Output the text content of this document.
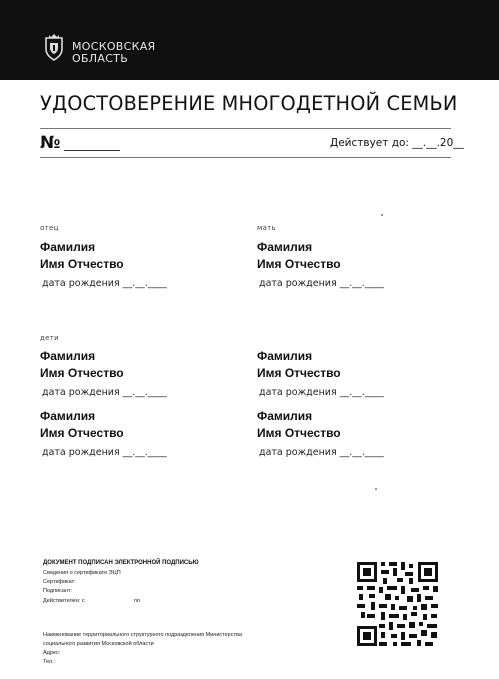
МОСКОВСКАЯ
ОБЛАСТЬ
УДОСТОВЕРЕНИЕ МНОГОДЕТНОЙ СЕМЬИ
№	Действует до: __.__.20__
отец
Фамилия
Имя Отчество
дата рождения __.__.____
мать
Фамилия
Имя Отчество
дата рождения __.__.____
дети
Фамилия
Имя Отчество
дата рождения __.__.____
Фамилия
Имя Отчество
дата рождения __.__.____
Фамилия
Имя Отчество
дата рождения __.__.____
Фамилия
Имя Отчество
дата рождения __.__.____
ДОКУМЕНТ ПОДПИСАН ЭЛЕКТРОННОЙ ПОДПИСЬЮ
Сведения о сертификате ЭЦП
Сертификат:
Подписант:
Действителен: с	по
Наименование территориального структурного подразделения Министерства
социального развития Московской области
Адрес:
Тел.:
